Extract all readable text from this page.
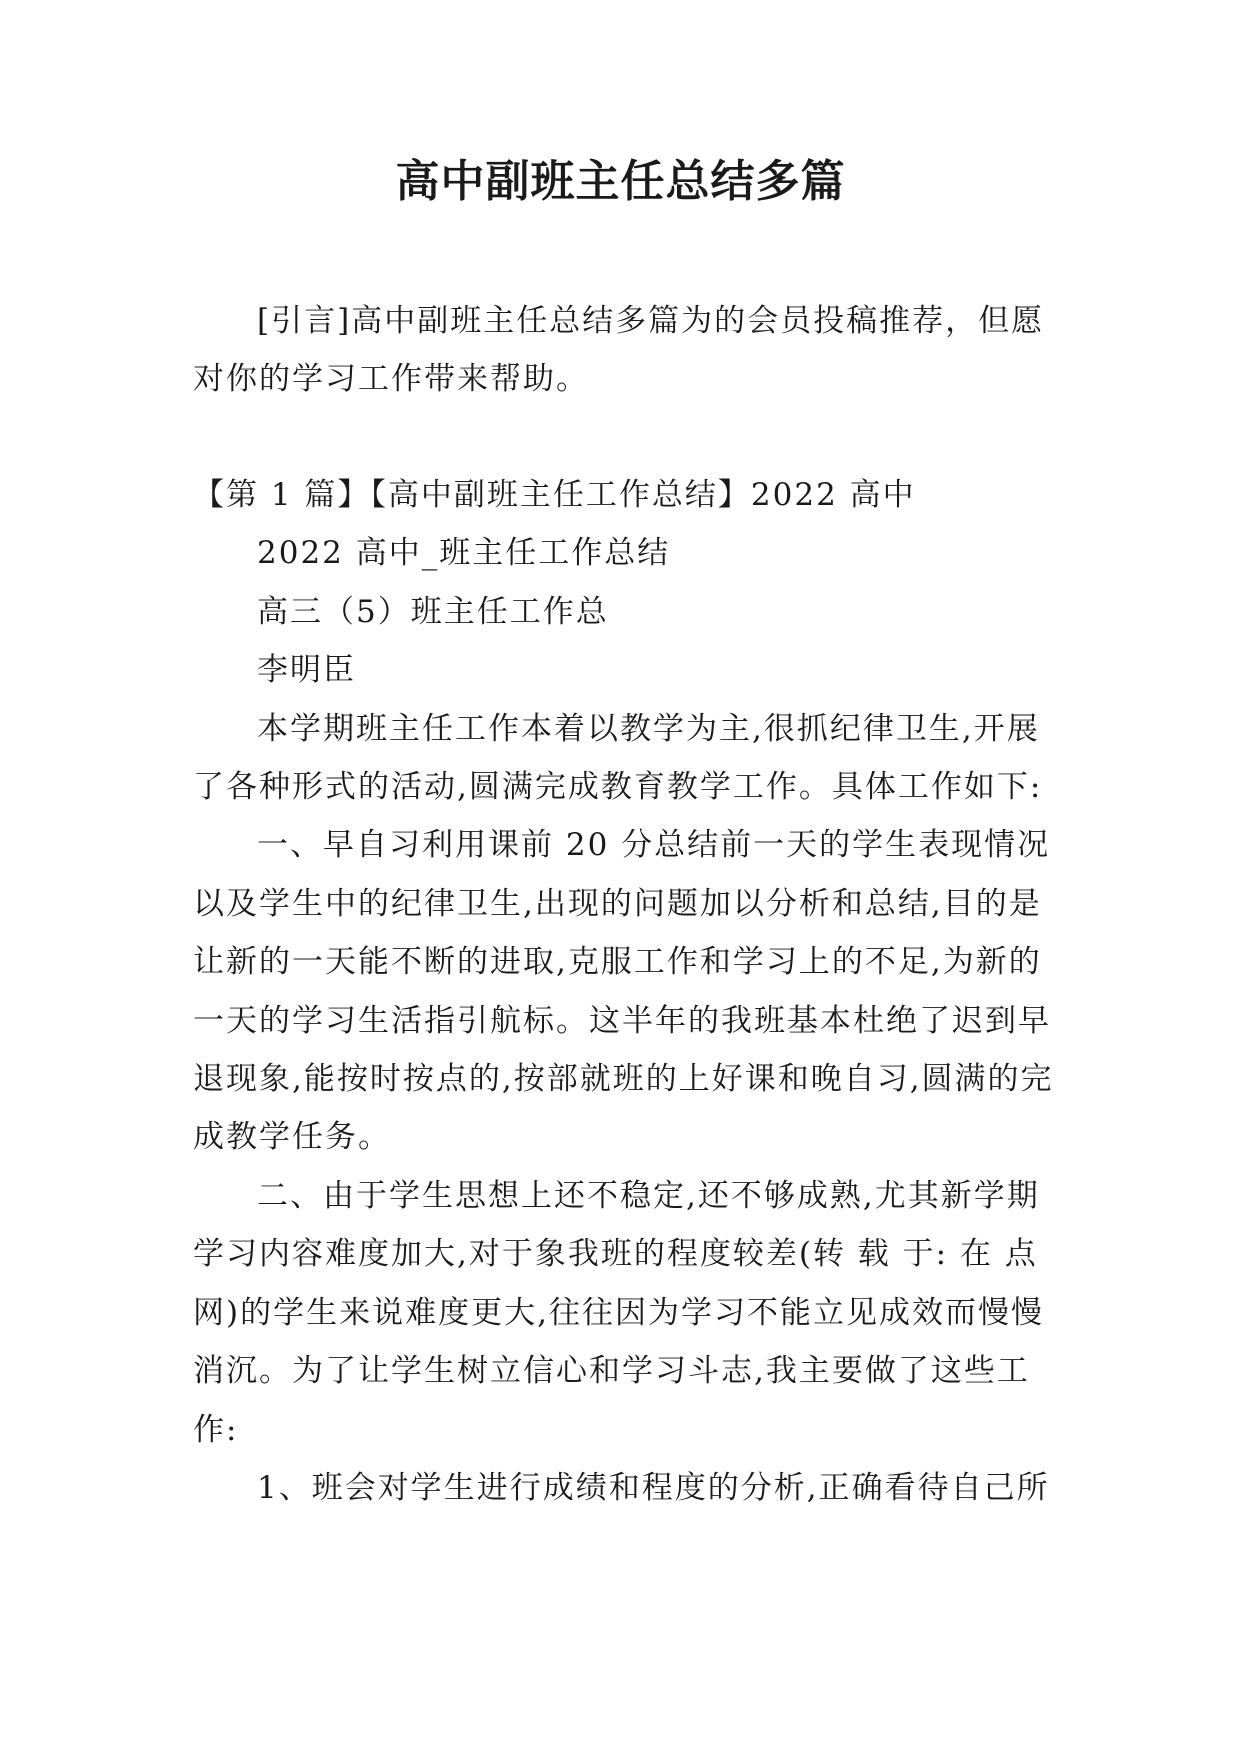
高中副班主任总结多篇
[引言]高中副班主任总结多篇为的会员投稿推荐，但愿对你的学习工作带来帮助。

【第 1 篇】【高中副班主任工作总结】2022 高中

2022 高中_班主任工作总结

高三（5）班主任工作总

李明臣

本学期班主任工作本着以教学为主,很抓纪律卫生,开展了各种形式的活动,圆满完成教育教学工作。具体工作如下:

一、早自习利用课前 20 分总结前一天的学生表现情况以及学生中的纪律卫生,出现的问题加以分析和总结,目的是让新的一天能不断的进取,克服工作和学习上的不足,为新的一天的学习生活指引航标。这半年的我班基本杜绝了迟到早退现象,能按时按点的,按部就班的上好课和晚自习,圆满的完成教学任务。

二、由于学生思想上还不稳定,还不够成熟,尤其新学期学习内容难度加大,对于象我班的程度较差(转 载 于: 在 点 网)的学生来说难度更大,往往因为学习不能立见成效而慢慢消沉。为了让学生树立信心和学习斗志,我主要做了这些工作:

1、班会对学生进行成绩和程度的分析,正确看待自己所
